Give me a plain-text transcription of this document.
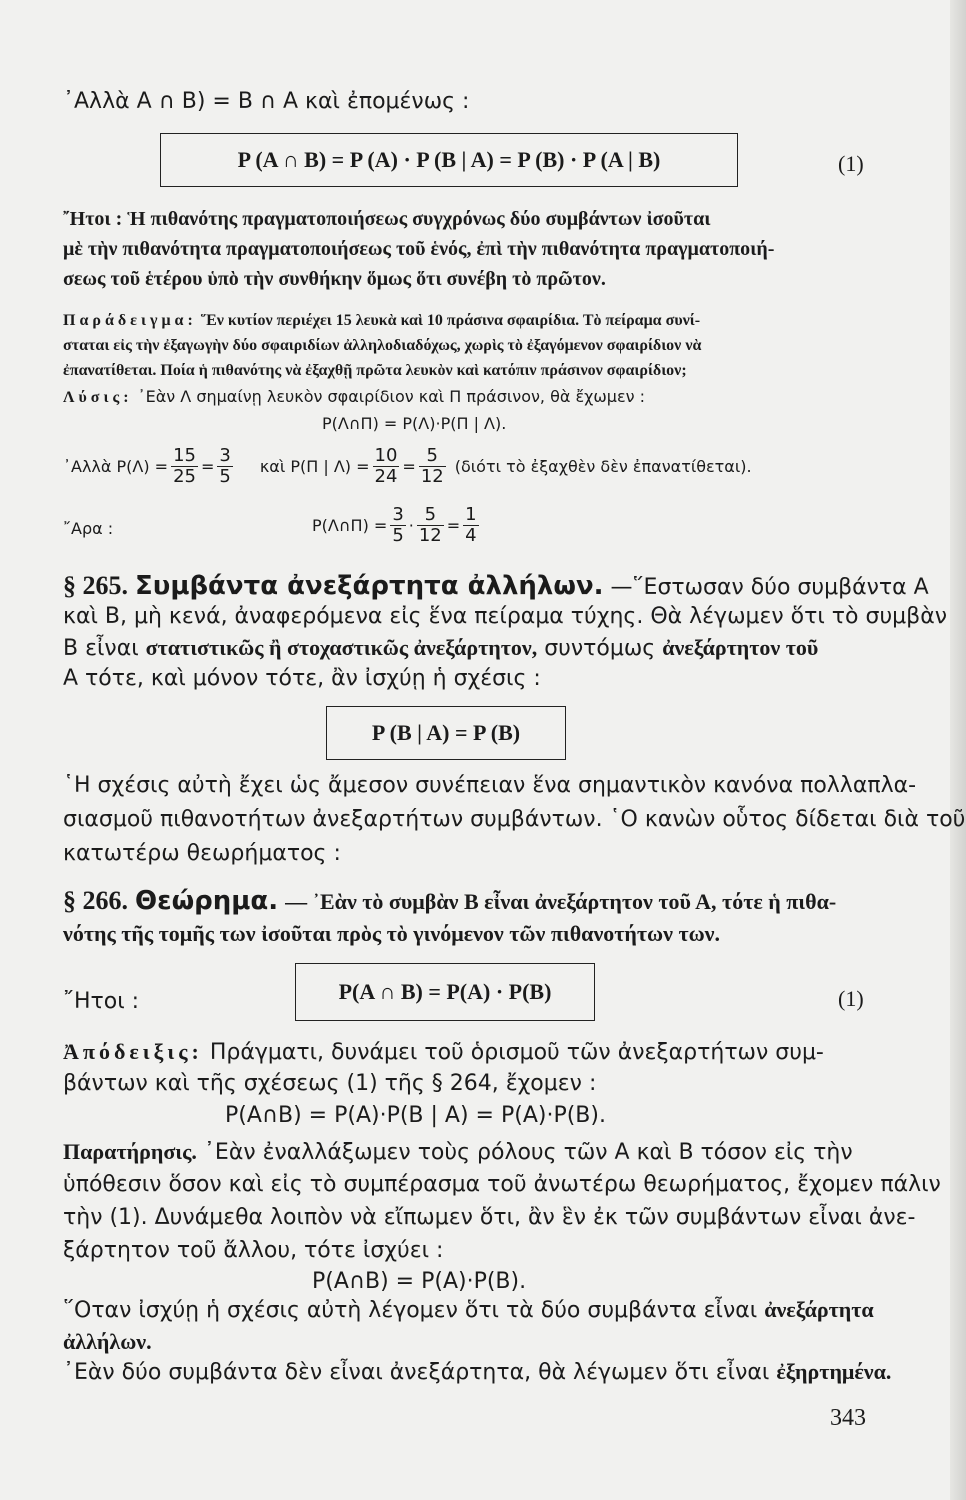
᾿Αλλὰ Α ∩ Β) = Β ∩ Α καὶ ἐπομένως :
P (A ∩ B) = P (A) · P (B | A) = P (B) · P (A | B)	(1)
῎Ητοι : Ἡ πιθανότης πραγματοποιήσεως συγχρόνως δύο συμβάντων ἰσοῦται
μὲ τὴν πιθανότητα πραγματοποιήσεως τοῦ ἑνός, ἐπὶ τὴν πιθανότητα πραγματοποιή-
σεως τοῦ ἑτέρου ὑπὸ τὴν συνθήκην ὅμως ὅτι συνέβη τὸ πρῶτον.
Παράδειγμα: ῞Εν κυτίον περιέχει 15 λευκὰ καὶ 10 πράσινα σφαιρίδια. Τὸ πείραμα συνί-
σταται εἰς τὴν ἐξαγωγὴν δύο σφαιριδίων ἀλληλοδιαδόχως, χωρὶς τὸ ἐξαγόμενον σφαιρίδιον νὰ
ἐπανατίθεται. Ποία ἡ πιθανότης νὰ ἐξαχθῇ πρῶτα λευκὸν καὶ κατόπιν πράσινον σφαιρίδιον;
Λύσις: ᾿Εὰν Λ σημαίνῃ λευκὸν σφαιρίδιον καὶ Π πράσινον, θὰ ἔχωμεν :
P(Λ∩Π) = P(Λ)·P(Π | Λ).
᾿Αλλὰ $P(\Lambda) = \frac{15}{25} = \frac{3}{5}$ καὶ P(Π | $\Lambda) = \frac{10}{24} = \frac{5}{12} (\delta\iota ό\tau\iota$ τὸ ἐξαχθὲν δὲν ἐπανατίθεται).
῎Αρα :	P(Λ∩Π) = $\frac{3}{5} \cdot \frac{5}{12} = \frac{1}{4}$
§ 265. Συμβάντα ἀνεξάρτητα ἀλλήλων. —῞Εστωσαν δύο συμβάντα Α
καὶ Β, μὴ κενά, ἀναφερόμενα εἰς ἕνα πείραμα τύχης. Θὰ λέγωμεν ὅτι τὸ συμβὰν
Β εἶναι στατιστικῶς ἢ στοχαστικῶς ἀνεξάρτητον, συντόμως ἀνεξάρτητον τοῦ
Α τότε, καὶ μόνον τότε, ἂν ἰσχύῃ ἡ σχέσις :
P (B | A) = P (B)
῾Η σχέσις αὐτὴ ἔχει ὡς ἄμεσον συνέπειαν ἕνα σημαντικὸν κανόνα πολλαπλα-
σιασμοῦ πιθανοτήτων ἀνεξαρτήτων συμβάντων. ῾Ο κανὼν οὗτος δίδεται διὰ τοῦ
κατωτέρω θεωρήματος :
§ 266. Θεώρημα. — ᾿Εὰν τὸ συμβὰν Β εἶναι ἀνεξάρτητον τοῦ Α, τότε ἡ πιθα-
νότης τῆς τομῆς των ἰσοῦται πρὸς τὸ γινόμενον τῶν πιθανοτήτων των.
῎Ητοι :	P(A ∩ B) = P(A) · P(B)	(1)
Ἀπόδειξις: Πράγματι, δυνάμει τοῦ ὁρισμοῦ τῶν ἀνεξαρτήτων συμ-
βάντων καὶ τῆς σχέσεως (1) τῆς § 264, ἔχομεν :
P(A∩B) = P(A)·P(B | A) = P(A)·P(B).
Παρατήρησις. ᾿Εὰν ἐναλλάξωμεν τοὺς ρόλους τῶν Α καὶ Β τόσον εἰς τὴν
ὑπόθεσιν ὅσον καὶ εἰς τὸ συμπέρασμα τοῦ ἀνωτέρω θεωρήματος, ἔχομεν πάλιν
τὴν (1). Δυνάμεθα λοιπὸν νὰ εἴπωμεν ὅτι, ἂν ἓν ἐκ τῶν συμβάντων εἶναι ἀνε-
ξάρτητον τοῦ ἄλλου, τότε ἰσχύει :
P(A∩B) = P(A)·P(B).
῞Οταν ἰσχύῃ ἡ σχέσις αὐτὴ λέγομεν ὅτι τὰ δύο συμβάντα εἶναι ἀνεξάρτητα
ἀλλήλων.
᾿Εὰν δύο συμβάντα δὲν εἶναι ἀνεξάρτητα, θὰ λέγωμεν ὅτι εἶναι ἐξηρτημένα.
343
